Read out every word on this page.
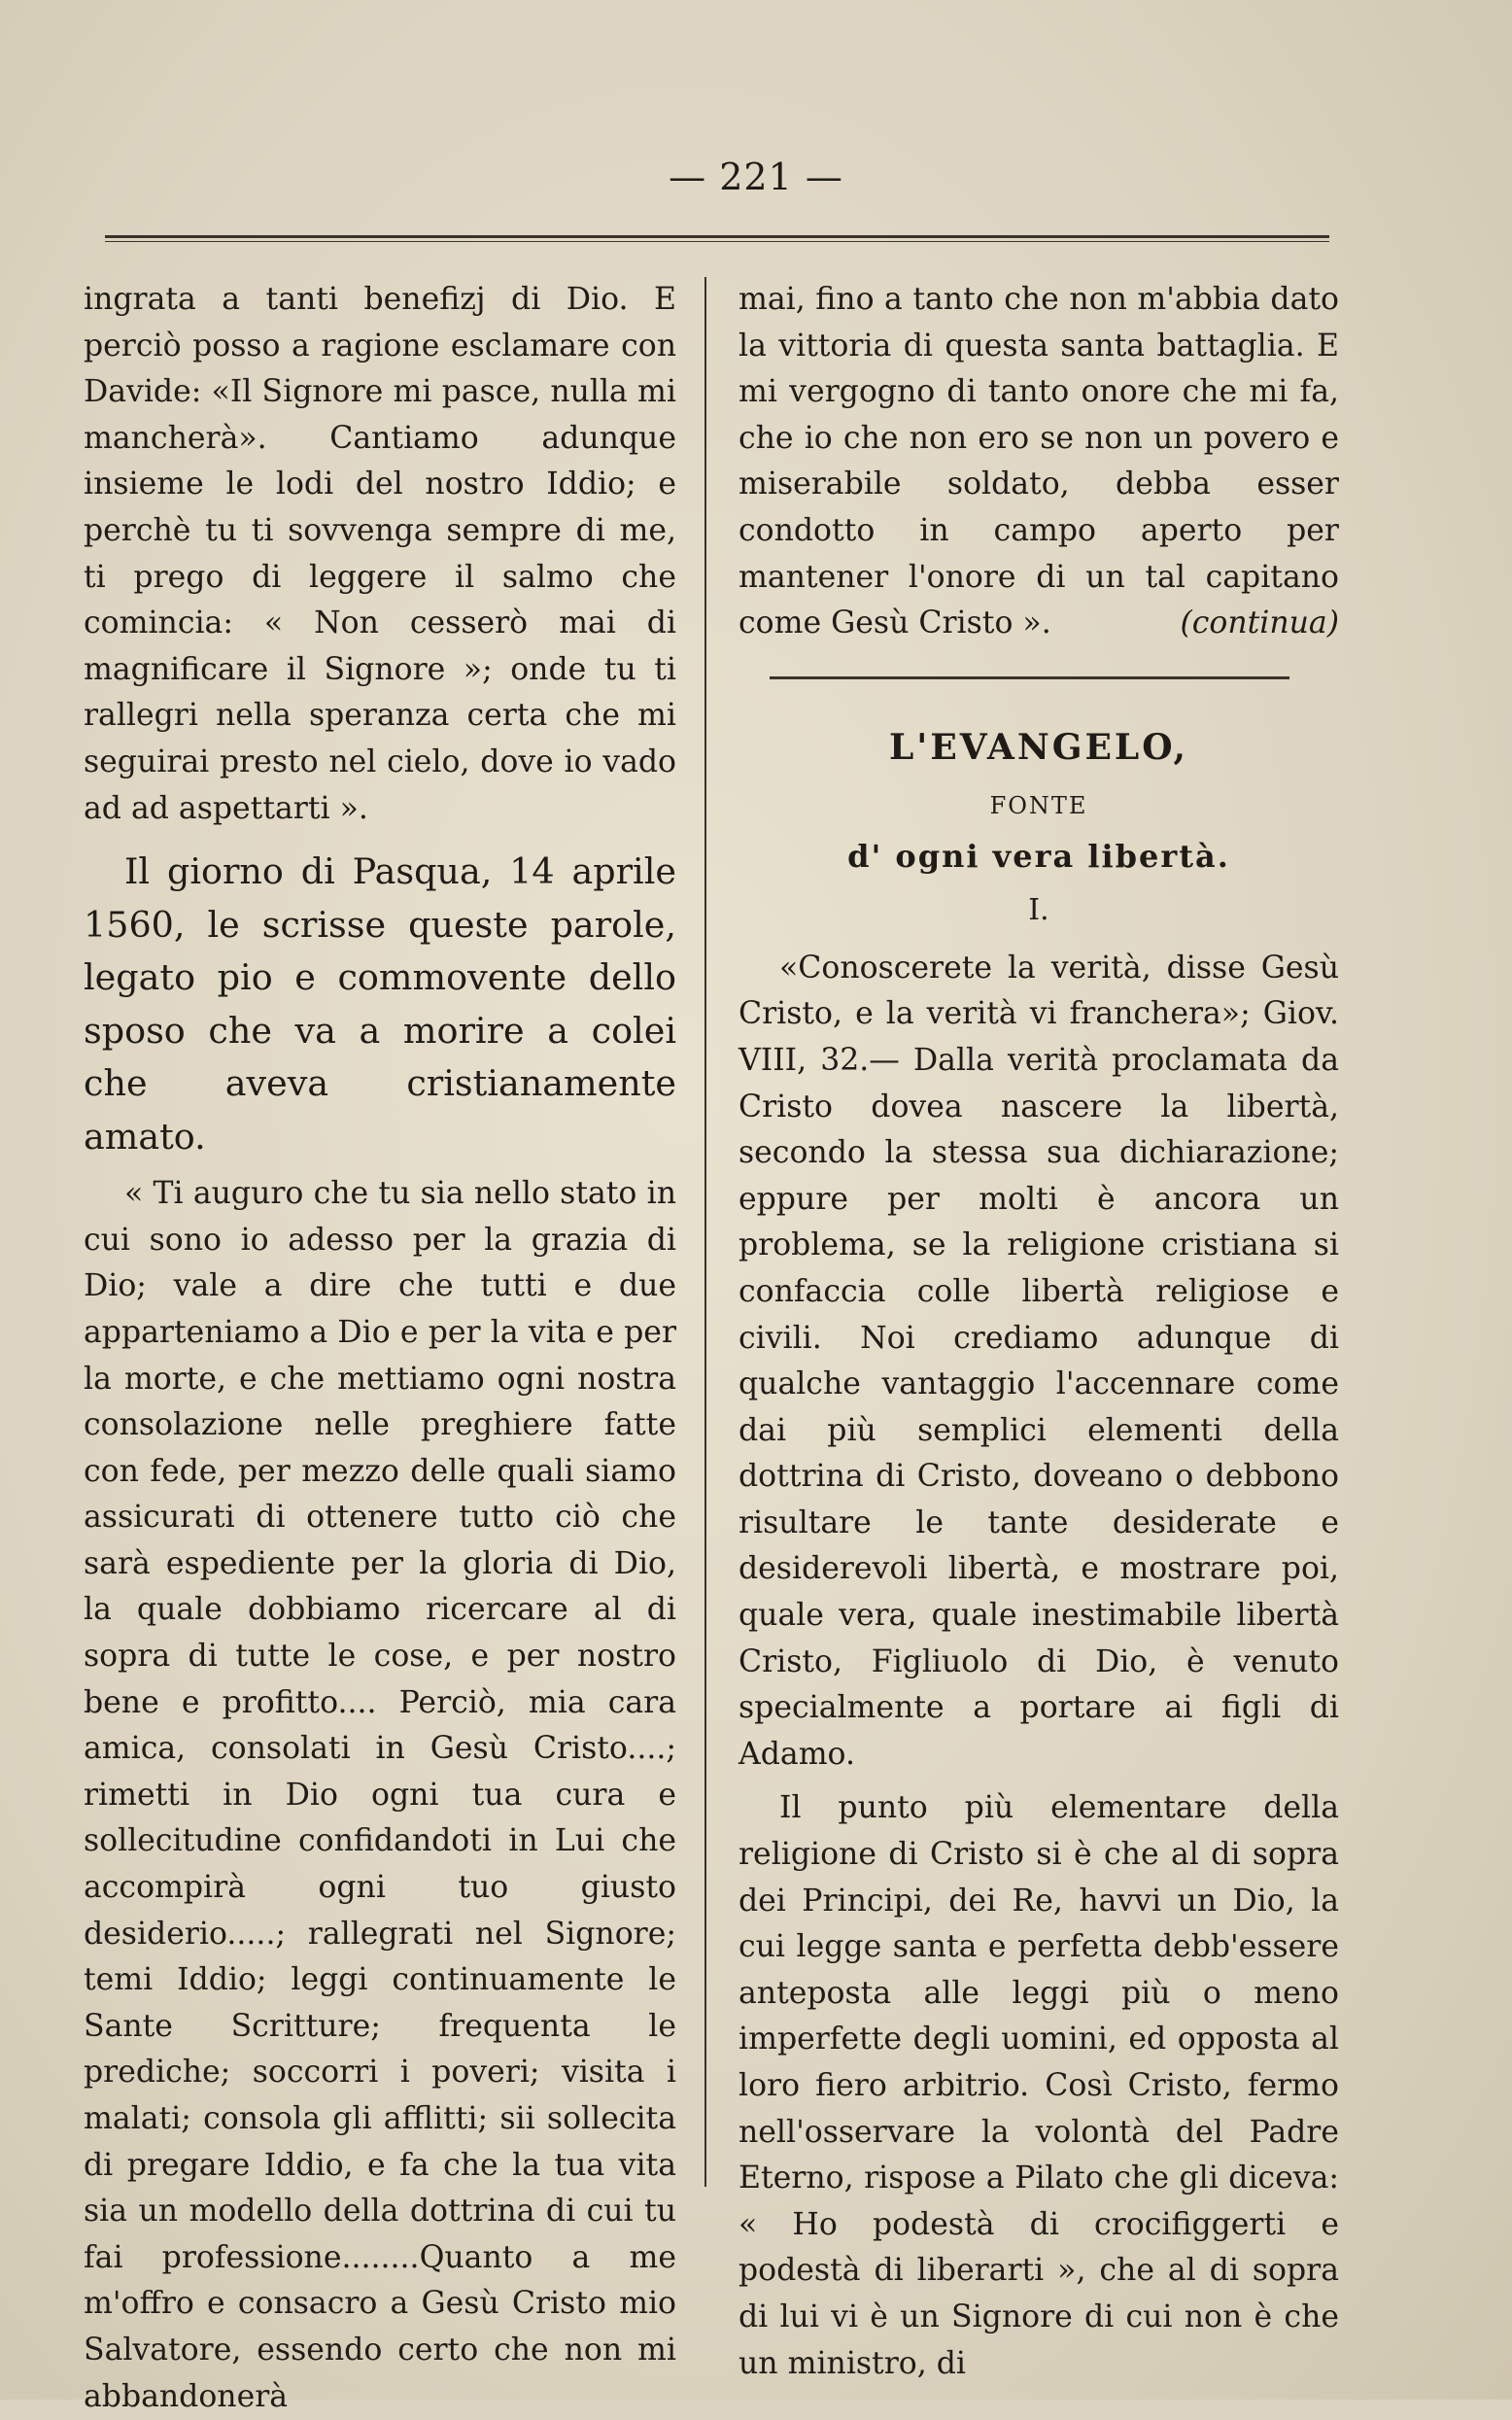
— 221 —

ingrata a tanti benefizj di Dio. E perciò posso a ragione esclamare con Davide: «Il Signore mi pasce, nulla mi mancherà». Cantiamo adunque insieme le lodi del nostro Iddio; e perchè tu ti sovvenga sempre di me, ti prego di leggere il salmo che comincia: « Non cesserò mai di magnificare il Signore »; onde tu ti rallegri nella speranza certa che mi seguirai presto nel cielo, dove io vado ad ad aspettarti ».

Il giorno di Pasqua, 14 aprile 1560, le scrisse queste parole, legato pio e commovente dello sposo che va a morire a colei che aveva cristianamente amato.

« Ti auguro che tu sia nello stato in cui sono io adesso per la grazia di Dio; vale a dire che tutti e due apparteniamo a Dio e per la vita e per la morte, e che mettiamo ogni nostra consolazione nelle preghiere fatte con fede, per mezzo delle quali siamo assicurati di ottenere tutto ciò che sarà espediente per la gloria di Dio, la quale dobbiamo ricercare al di sopra di tutte le cose, e per nostro bene e profitto.... Perciò, mia cara amica, consolati in Gesù Cristo....; rimetti in Dio ogni tua cura e sollecitudine confidandoti in Lui che accompirà ogni tuo giusto desiderio.....; rallegrati nel Signore; temi Iddio; leggi continuamente le Sante Scritture; frequenta le prediche; soccorri i poveri; visita i malati; consola gli afflitti; sii sollecita di pregare Iddio, e fa che la tua vita sia un modello della dottrina di cui tu fai professione........Quanto a me m'offro e consacro a Gesù Cristo mio Salvatore, essendo certo che non mi abbandonerà

mai, fino a tanto che non m'abbia dato la vittoria di questa santa battaglia. E mi vergogno di tanto onore che mi fa, che io che non ero se non un povero e miserabile soldato, debba esser condotto in campo aperto per mantener l'onore di un tal capitano come Gesù Cristo ».	(continua)

L'EVANGELO,

FONTE

d' ogni vera libertà.

I.

«Conoscerete la verità, disse Gesù Cristo, e la verità vi franchera»; Giov. VIII, 32.— Dalla verità proclamata da Cristo dovea nascere la libertà, secondo la stessa sua dichiarazione; eppure per molti è ancora un problema, se la religione cristiana si confaccia colle libertà religiose e civili. Noi crediamo adunque di qualche vantaggio l'accennare come dai più semplici elementi della dottrina di Cristo, doveano o debbono risultare le tante desiderate e desiderevoli libertà, e mostrare poi, quale vera, quale inestimabile libertà Cristo, Figliuolo di Dio, è venuto specialmente a portare ai figli di Adamo.

Il punto più elementare della religione di Cristo si è che al di sopra dei Principi, dei Re, havvi un Dio, la cui legge santa e perfetta debb'essere anteposta alle leggi più o meno imperfette degli uomini, ed opposta al loro fiero arbitrio. Così Cristo, fermo nell'osservare la volontà del Padre Eterno, rispose a Pilato che gli diceva: « Ho podestà di crocifiggerti e podestà di liberarti », che al di sopra di lui vi è un Signore di cui non è che un ministro, di
